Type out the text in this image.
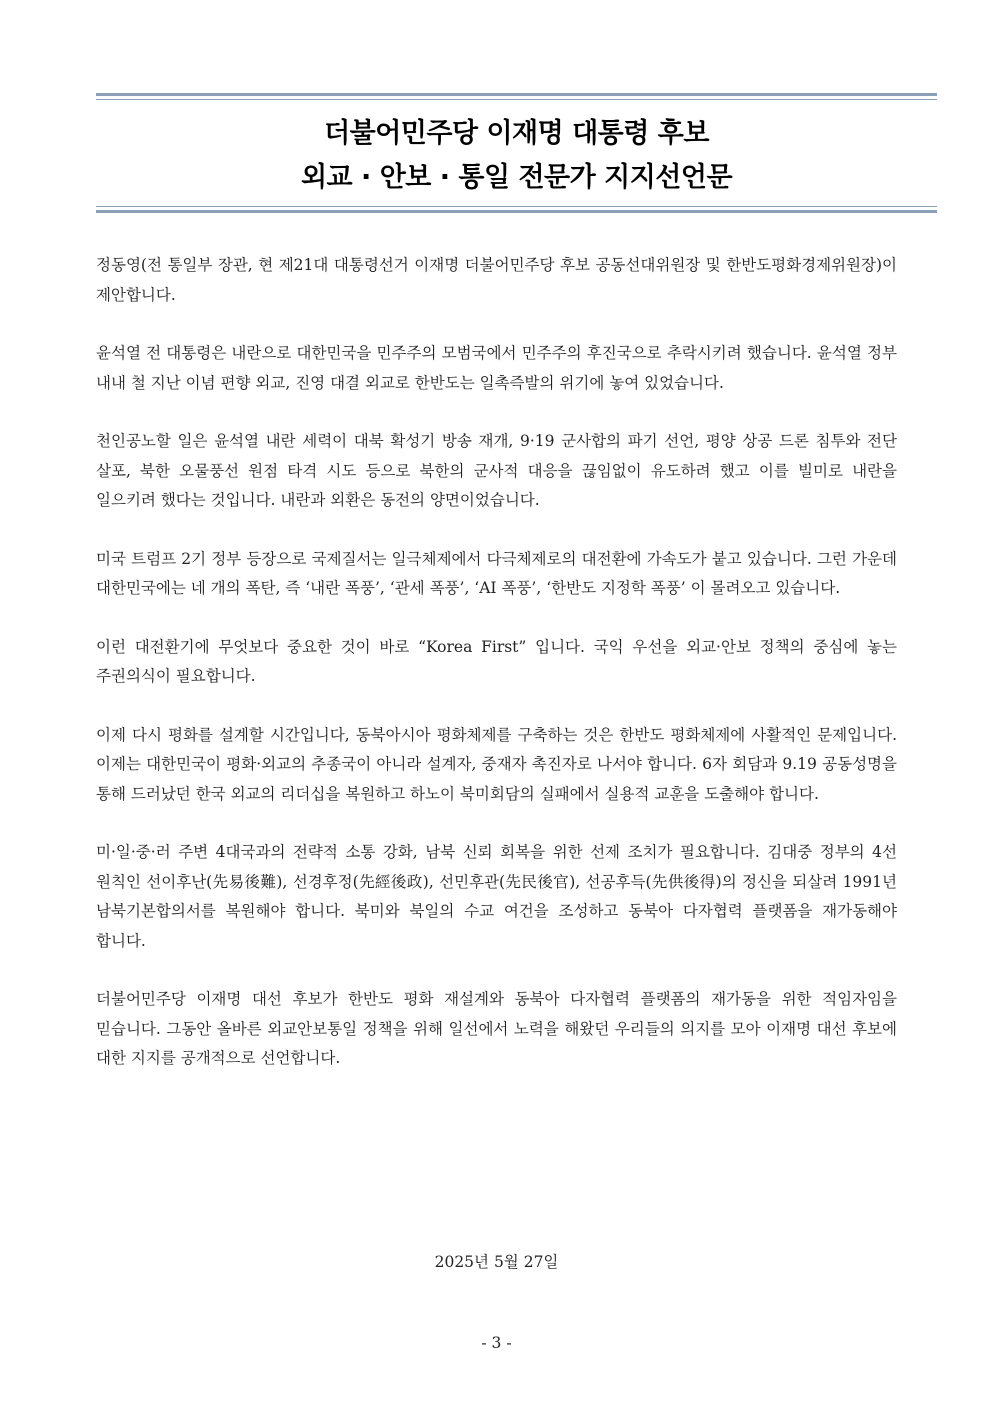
더불어민주당 이재명 대통령 후보
외교 · 안보 · 통일 전문가 지지선언문

정동영(전 통일부 장관, 현 제21대 대통령선거 이재명 더불어민주당 후보 공동선대위원장 및 한반도평화경제위원장)이 제안합니다.

윤석열 전 대통령은 내란으로 대한민국을 민주주의 모범국에서 민주주의 후진국으로 추락시키려 했습니다. 윤석열 정부 내내 철 지난 이념 편향 외교, 진영 대결 외교로 한반도는 일촉즉발의 위기에 놓여 있었습니다.

천인공노할 일은 윤석열 내란 세력이 대북 확성기 방송 재개, 9·19 군사합의 파기 선언, 평양 상공 드론 침투와 전단 살포, 북한 오물풍선 원점 타격 시도 등으로 북한의 군사적 대응을 끊임없이 유도하려 했고 이를 빌미로 내란을 일으키려 했다는 것입니다. 내란과 외환은 동전의 양면이었습니다.

미국 트럼프 2기 정부 등장으로 국제질서는 일극체제에서 다극체제로의 대전환에 가속도가 붙고 있습니다. 그런 가운데 대한민국에는 네 개의 폭탄, 즉 ‘내란 폭풍’, ‘관세 폭풍’, ‘AI 폭풍’, ‘한반도 지정학 폭풍’ 이 몰려오고 있습니다.

이런 대전환기에 무엇보다 중요한 것이 바로 “Korea First” 입니다. 국익 우선을 외교·안보 정책의 중심에 놓는 주권의식이 필요합니다.

이제 다시 평화를 설계할 시간입니다, 동북아시아 평화체제를 구축하는 것은 한반도 평화체제에 사활적인 문제입니다. 이제는 대한민국이 평화·외교의 추종국이 아니라 설계자, 중재자 촉진자로 나서야 합니다. 6자 회담과 9.19 공동성명을 통해 드러났던 한국 외교의 리더십을 복원하고 하노이 북미회담의 실패에서 실용적 교훈을 도출해야 합니다.

미·일·중·러 주변 4대국과의 전략적 소통 강화, 남북 신뢰 회복을 위한 선제 조치가 필요합니다. 김대중 정부의 4선 원칙인 선이후난(先易後難), 선경후정(先經後政), 선민후관(先民後官), 선공후득(先供後得)의 정신을 되살려 1991년 남북기본합의서를 복원해야 합니다. 북미와 북일의 수교 여건을 조성하고 동북아 다자협력 플랫폼을 재가동해야 합니다.

더불어민주당 이재명 대선 후보가 한반도 평화 재설계와 동북아 다자협력 플랫폼의 재가동을 위한 적임자임을 믿습니다. 그동안 올바른 외교안보통일 정책을 위해 일선에서 노력을 해왔던 우리들의 의지를 모아 이재명 대선 후보에 대한 지지를 공개적으로 선언합니다.

2025년 5월 27일
- 3 -
